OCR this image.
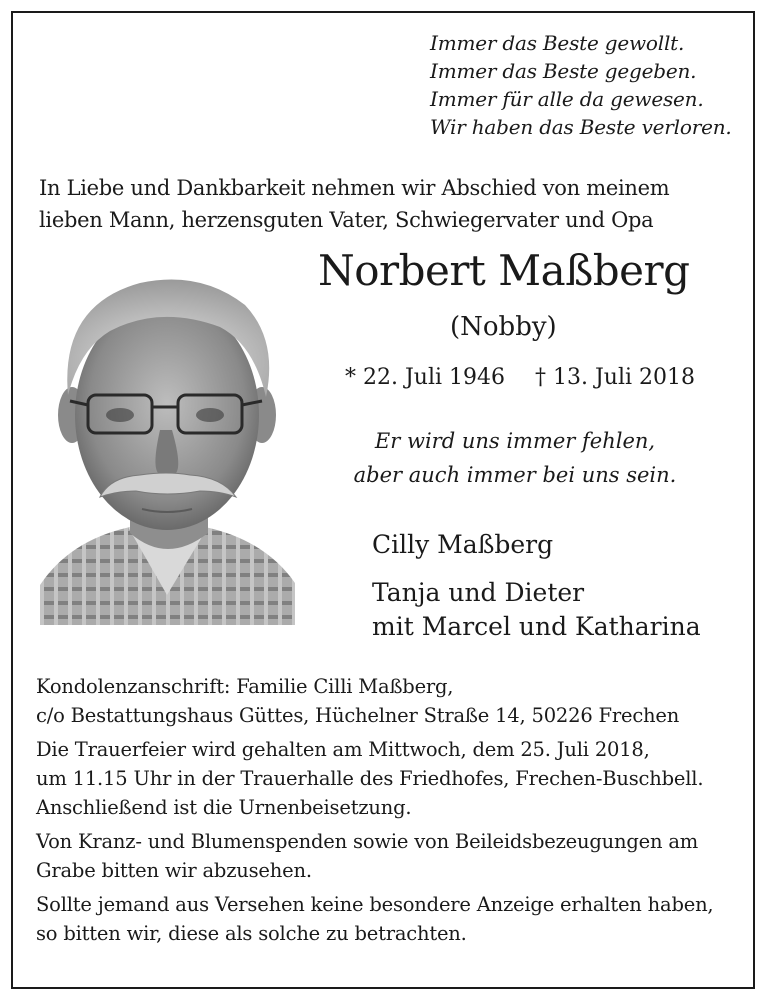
Immer das Beste gewollt.
Immer das Beste gegeben.
Immer für alle da gewesen.
Wir haben das Beste verloren.
In Liebe und Dankbarkeit nehmen wir Abschied von meinem
lieben Mann, herzensguten Vater, Schwiegervater und Opa
Norbert Maßberg
(Nobby)
* 22. Juli 1946 † 13. Juli 2018
Er wird uns immer fehlen,
aber auch immer bei uns sein.
Cilly Maßberg
Tanja und Dieter
mit Marcel und Katharina

Kondolenzanschrift: Familie Cilli Maßberg,
c/o Bestattungshaus Güttes, Hüchelner Straße 14, 50226 Frechen

Die Trauerfeier wird gehalten am Mittwoch, dem 25. Juli 2018,
um 11.15 Uhr in der Trauerhalle des Friedhofes, Frechen-Buschbell.
Anschließend ist die Urnenbeisetzung.

Von Kranz- und Blumenspenden sowie von Beileidsbezeugungen am
Grabe bitten wir abzusehen.

Sollte jemand aus Versehen keine besondere Anzeige erhalten haben,
so bitten wir, diese als solche zu betrachten.
